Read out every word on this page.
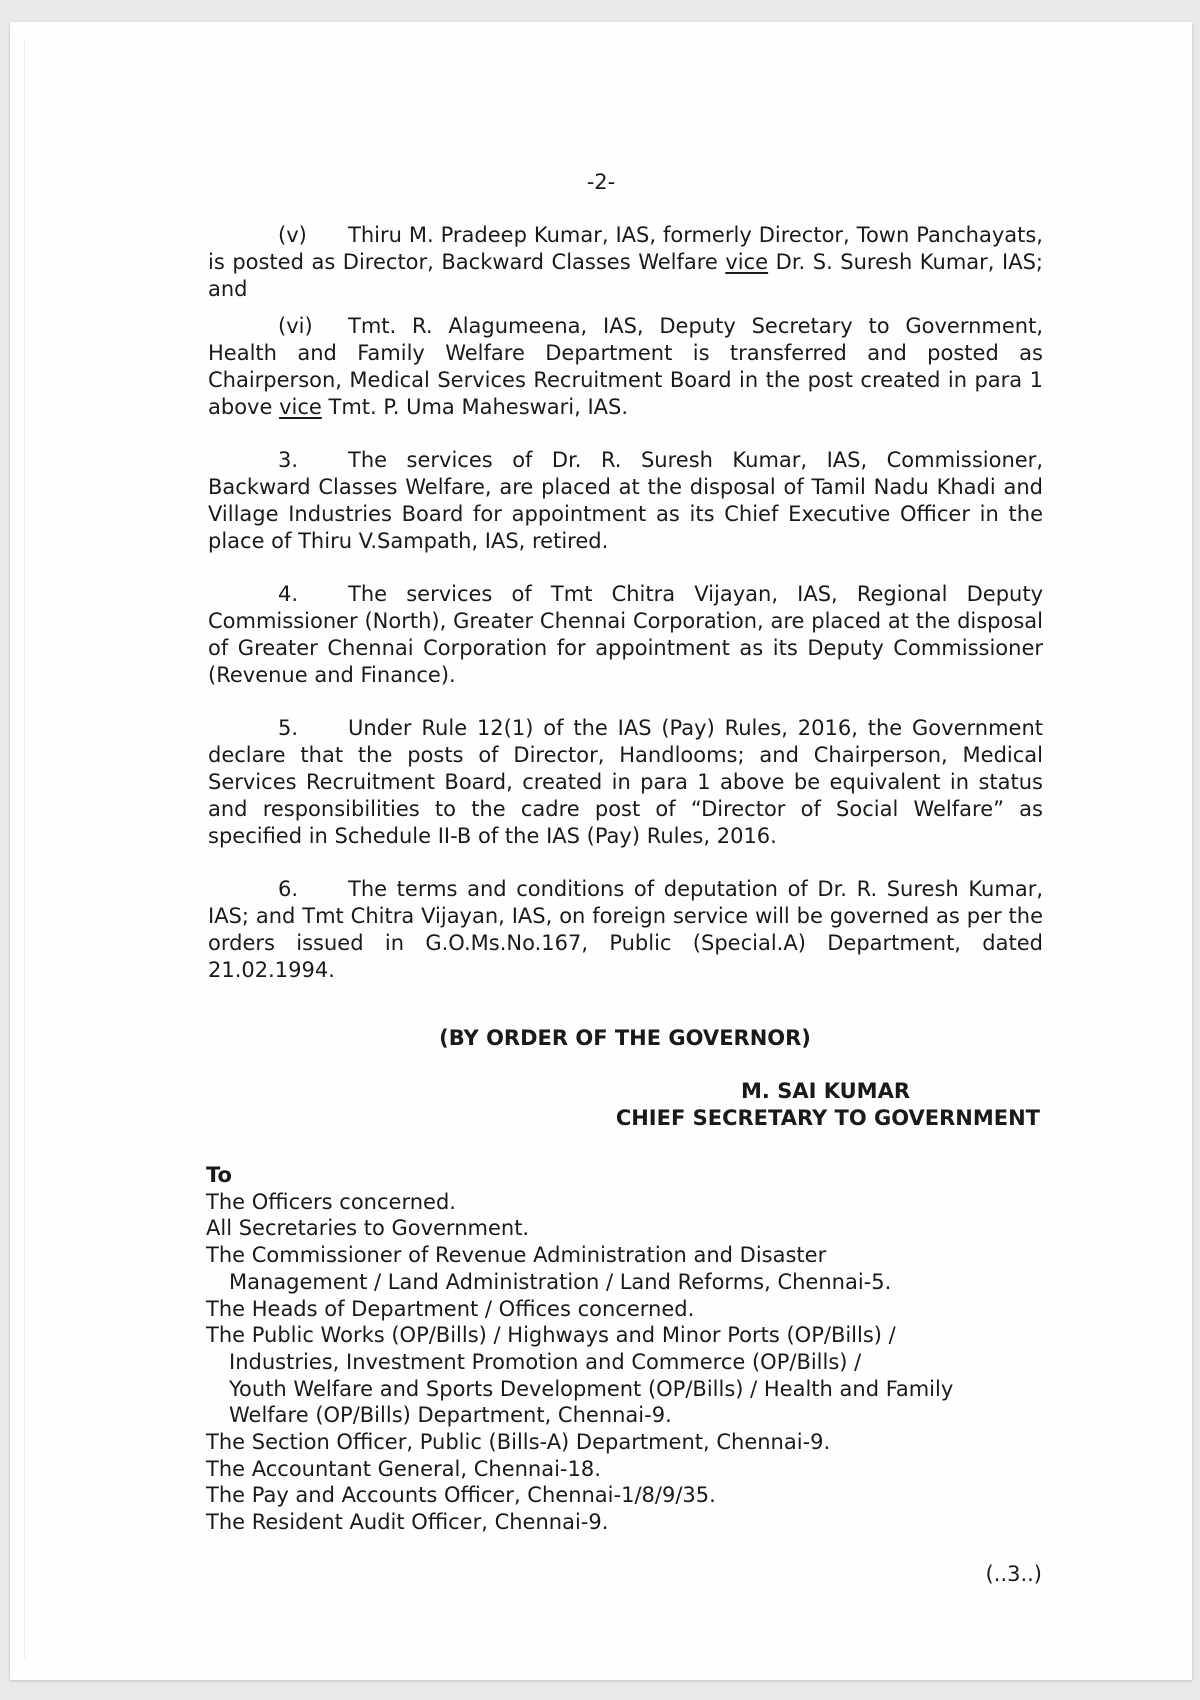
-2-

(v) Thiru M. Pradeep Kumar, IAS, formerly Director, Town Panchayats, is posted as Director, Backward Classes Welfare vice Dr. S. Suresh Kumar, IAS; and

(vi) Tmt. R. Alagumeena, IAS, Deputy Secretary to Government, Health and Family Welfare Department is transferred and posted as Chairperson, Medical Services Recruitment Board in the post created in para 1 above vice Tmt. P. Uma Maheswari, IAS.

3. The services of Dr. R. Suresh Kumar, IAS, Commissioner, Backward Classes Welfare, are placed at the disposal of Tamil Nadu Khadi and Village Industries Board for appointment as its Chief Executive Officer in the place of Thiru V.Sampath, IAS, retired.

4. The services of Tmt Chitra Vijayan, IAS, Regional Deputy Commissioner (North), Greater Chennai Corporation, are placed at the disposal of Greater Chennai Corporation for appointment as its Deputy Commissioner (Revenue and Finance).

5. Under Rule 12(1) of the IAS (Pay) Rules, 2016, the Government declare that the posts of Director, Handlooms; and Chairperson, Medical Services Recruitment Board, created in para 1 above be equivalent in status and responsibilities to the cadre post of “Director of Social Welfare” as specified in Schedule II-B of the IAS (Pay) Rules, 2016.

6. The terms and conditions of deputation of Dr. R. Suresh Kumar, IAS; and Tmt Chitra Vijayan, IAS, on foreign service will be governed as per the orders issued in G.O.Ms.No.167, Public (Special.A) Department, dated 21.02.1994.

(BY ORDER OF THE GOVERNOR)
M. SAI KUMAR
CHIEF SECRETARY TO GOVERNMENT
To
The Officers concerned.
All Secretaries to Government.
The Commissioner of Revenue Administration and Disaster
Management / Land Administration / Land Reforms, Chennai-5.
The Heads of Department / Offices concerned.
The Public Works (OP/Bills) / Highways and Minor Ports (OP/Bills) /
Industries, Investment Promotion and Commerce (OP/Bills) /
Youth Welfare and Sports Development (OP/Bills) / Health and Family
Welfare (OP/Bills) Department, Chennai-9.
The Section Officer, Public (Bills-A) Department, Chennai-9.
The Accountant General, Chennai-18.
The Pay and Accounts Officer, Chennai-1/8/9/35.
The Resident Audit Officer, Chennai-9.
(..3..)
